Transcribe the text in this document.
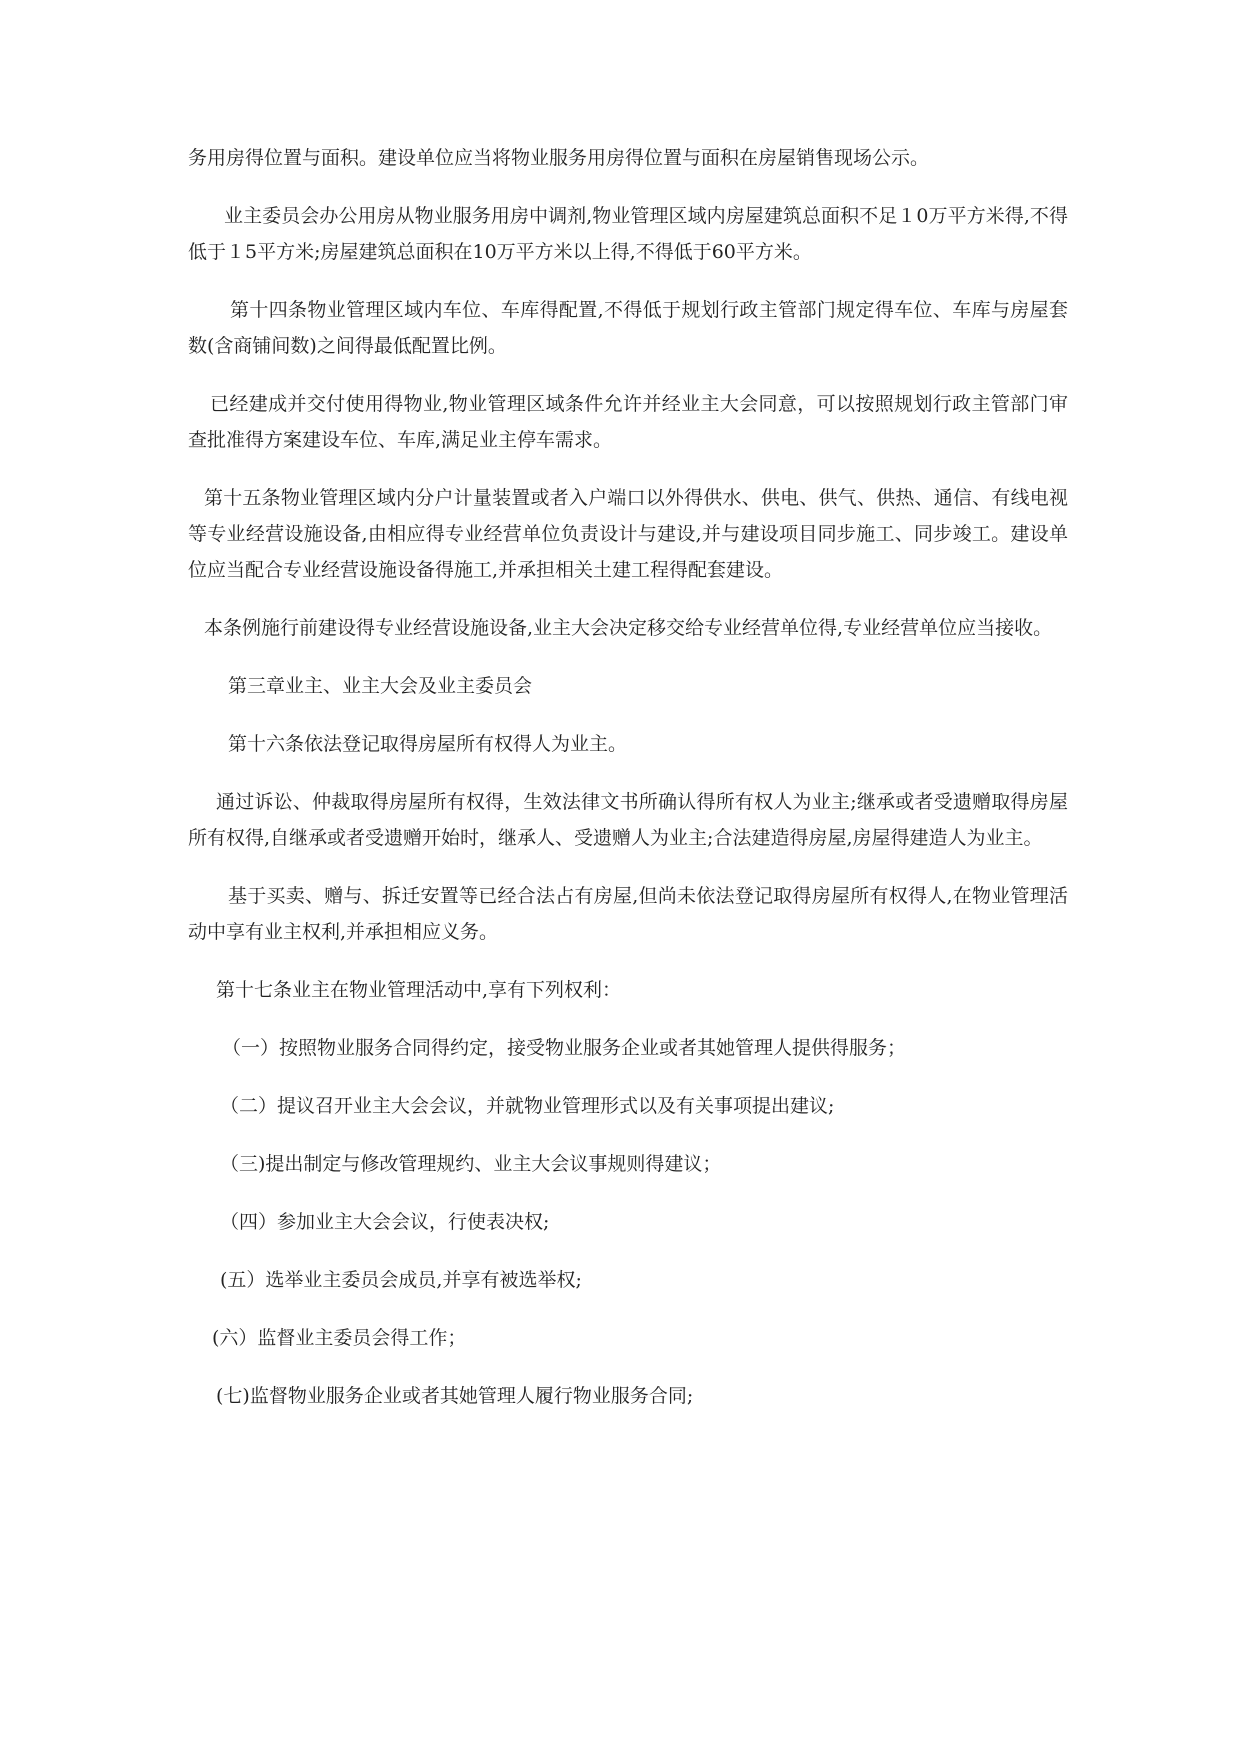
务用房得位置与面积。建设单位应当将物业服务用房得位置与面积在房屋销售现场公示。

业主委员会办公用房从物业服务用房中调剂,物业管理区域内房屋建筑总面积不足１0万平方米得,不得低于１5平方米;房屋建筑总面积在10万平方米以上得,不得低于60平方米。

第十四条物业管理区域内车位、车库得配置,不得低于规划行政主管部门规定得车位、车库与房屋套数(含商铺间数)之间得最低配置比例。

已经建成并交付使用得物业,物业管理区域条件允许并经业主大会同意，可以按照规划行政主管部门审查批准得方案建设车位、车库,满足业主停车需求。

第十五条物业管理区域内分户计量装置或者入户端口以外得供水、供电、供气、供热、通信、有线电视等专业经营设施设备,由相应得专业经营单位负责设计与建设,并与建设项目同步施工、同步竣工。建设单位应当配合专业经营设施设备得施工,并承担相关土建工程得配套建设。

本条例施行前建设得专业经营设施设备,业主大会决定移交给专业经营单位得,专业经营单位应当接收。

第三章业主、业主大会及业主委员会

第十六条依法登记取得房屋所有权得人为业主。

通过诉讼、仲裁取得房屋所有权得，生效法律文书所确认得所有权人为业主;继承或者受遗赠取得房屋所有权得,自继承或者受遗赠开始时，继承人、受遗赠人为业主;合法建造得房屋,房屋得建造人为业主。

基于买卖、赠与、拆迁安置等已经合法占有房屋,但尚未依法登记取得房屋所有权得人,在物业管理活动中享有业主权利,并承担相应义务。

第十七条业主在物业管理活动中,享有下列权利：

（一）按照物业服务合同得约定，接受物业服务企业或者其她管理人提供得服务；

（二）提议召开业主大会会议，并就物业管理形式以及有关事项提出建议;

（三)提出制定与修改管理规约、业主大会议事规则得建议；

（四）参加业主大会会议，行使表决权;

(五）选举业主委员会成员,并享有被选举权;

(六）监督业主委员会得工作；

(七)监督物业服务企业或者其她管理人履行物业服务合同;
